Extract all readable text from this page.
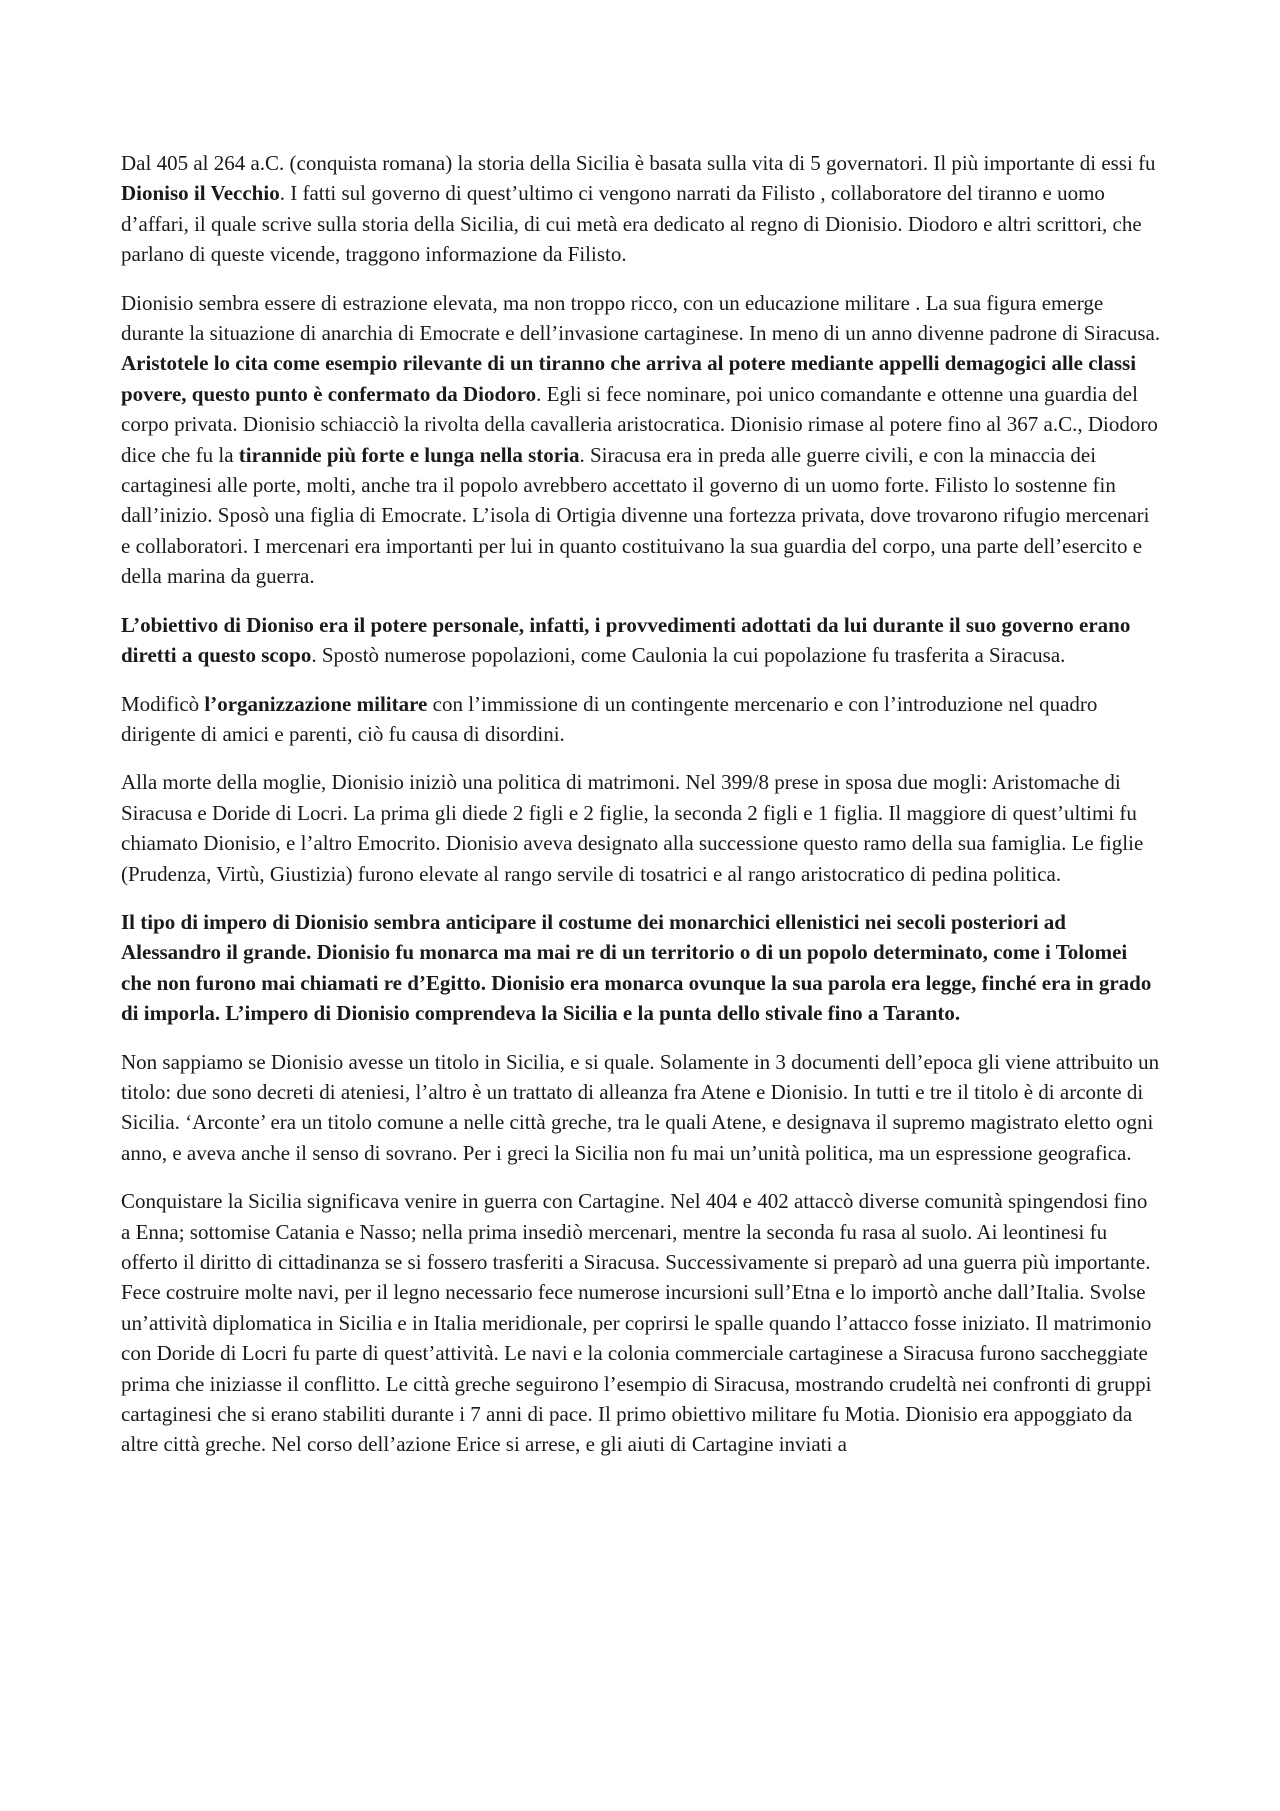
Dal 405 al 264 a.C. (conquista romana) la storia della Sicilia è basata sulla vita di 5 governatori. Il più importante di essi fu Dioniso il Vecchio. I fatti sul governo di quest’ultimo ci vengono narrati da Filisto , collaboratore del tiranno e uomo d’affari, il quale scrive sulla storia della Sicilia, di cui metà era dedicato al regno di Dionisio. Diodoro e altri scrittori, che parlano di queste vicende, traggono informazione da Filisto.

Dionisio sembra essere di estrazione elevata, ma non troppo ricco, con un educazione militare . La sua figura emerge durante la situazione di anarchia di Emocrate e dell’invasione cartaginese. In meno di un anno divenne padrone di Siracusa. Aristotele lo cita come esempio rilevante di un tiranno che arriva al potere mediante appelli demagogici alle classi povere, questo punto è confermato da Diodoro. Egli si fece nominare, poi unico comandante e ottenne una guardia del corpo privata. Dionisio schiacciò la rivolta della cavalleria aristocratica. Dionisio rimase al potere fino al 367 a.C., Diodoro dice che fu la tirannide più forte e lunga nella storia. Siracusa era in preda alle guerre civili, e con la minaccia dei cartaginesi alle porte, molti, anche tra il popolo avrebbero accettato il governo di un uomo forte. Filisto lo sostenne fin dall’inizio. Sposò una figlia di Emocrate. L’isola di Ortigia divenne una fortezza privata, dove trovarono rifugio mercenari e collaboratori. I mercenari era importanti per lui in quanto costituivano la sua guardia del corpo, una parte dell’esercito e della marina da guerra.

L’obiettivo di Dioniso era il potere personale, infatti, i provvedimenti adottati da lui durante il suo governo erano diretti a questo scopo. Spostò numerose popolazioni, come Caulonia la cui popolazione fu trasferita a Siracusa.

Modificò l’organizzazione militare con l’immissione di un contingente mercenario e con l’introduzione nel quadro dirigente di amici e parenti, ciò fu causa di disordini.

Alla morte della moglie, Dionisio iniziò una politica di matrimoni. Nel 399/8 prese in sposa due mogli: Aristomache di Siracusa e Doride di Locri. La prima gli diede 2 figli e 2 figlie, la seconda 2 figli e 1 figlia. Il maggiore di quest’ultimi fu chiamato Dionisio, e l’altro Emocrito. Dionisio aveva designato alla successione questo ramo della sua famiglia. Le figlie (Prudenza, Virtù, Giustizia) furono elevate al rango servile di tosatrici e al rango aristocratico di pedina politica.

Il tipo di impero di Dionisio sembra anticipare il costume dei monarchici ellenistici nei secoli posteriori ad Alessandro il grande. Dionisio fu monarca ma mai re di un territorio o di un popolo determinato, come i Tolomei che non furono mai chiamati re d’Egitto. Dionisio era monarca ovunque la sua parola era legge, finché era in grado di imporla. L’impero di Dionisio comprendeva la Sicilia e la punta dello stivale fino a Taranto.

Non sappiamo se Dionisio avesse un titolo in Sicilia, e si quale. Solamente in 3 documenti dell’epoca gli viene attribuito un titolo: due sono decreti di ateniesi, l’altro è un trattato di alleanza fra Atene e Dionisio. In tutti e tre il titolo è di arconte di Sicilia. ‘Arconte’ era un titolo comune a nelle città greche, tra le quali Atene, e designava il supremo magistrato eletto ogni anno, e aveva anche il senso di sovrano. Per i greci la Sicilia non fu mai un’unità politica, ma un espressione geografica.

Conquistare la Sicilia significava venire in guerra con Cartagine. Nel 404 e 402 attaccò diverse comunità spingendosi fino a Enna; sottomise Catania e Nasso; nella prima insediò mercenari, mentre la seconda fu rasa al suolo. Ai leontinesi fu offerto il diritto di cittadinanza se si fossero trasferiti a Siracusa. Successivamente si preparò ad una guerra più importante. Fece costruire molte navi, per il legno necessario fece numerose incursioni sull’Etna e lo importò anche dall’Italia. Svolse un’attività diplomatica in Sicilia e in Italia meridionale, per coprirsi le spalle quando l’attacco fosse iniziato. Il matrimonio con Doride di Locri fu parte di quest’attività. Le navi e la colonia commerciale cartaginese a Siracusa furono saccheggiate prima che iniziasse il conflitto. Le città greche seguirono l’esempio di Siracusa, mostrando crudeltà nei confronti di gruppi cartaginesi che si erano stabiliti durante i 7 anni di pace. Il primo obiettivo militare fu Motia. Dionisio era appoggiato da altre città greche. Nel corso dell’azione Erice si arrese, e gli aiuti di Cartagine inviati a
